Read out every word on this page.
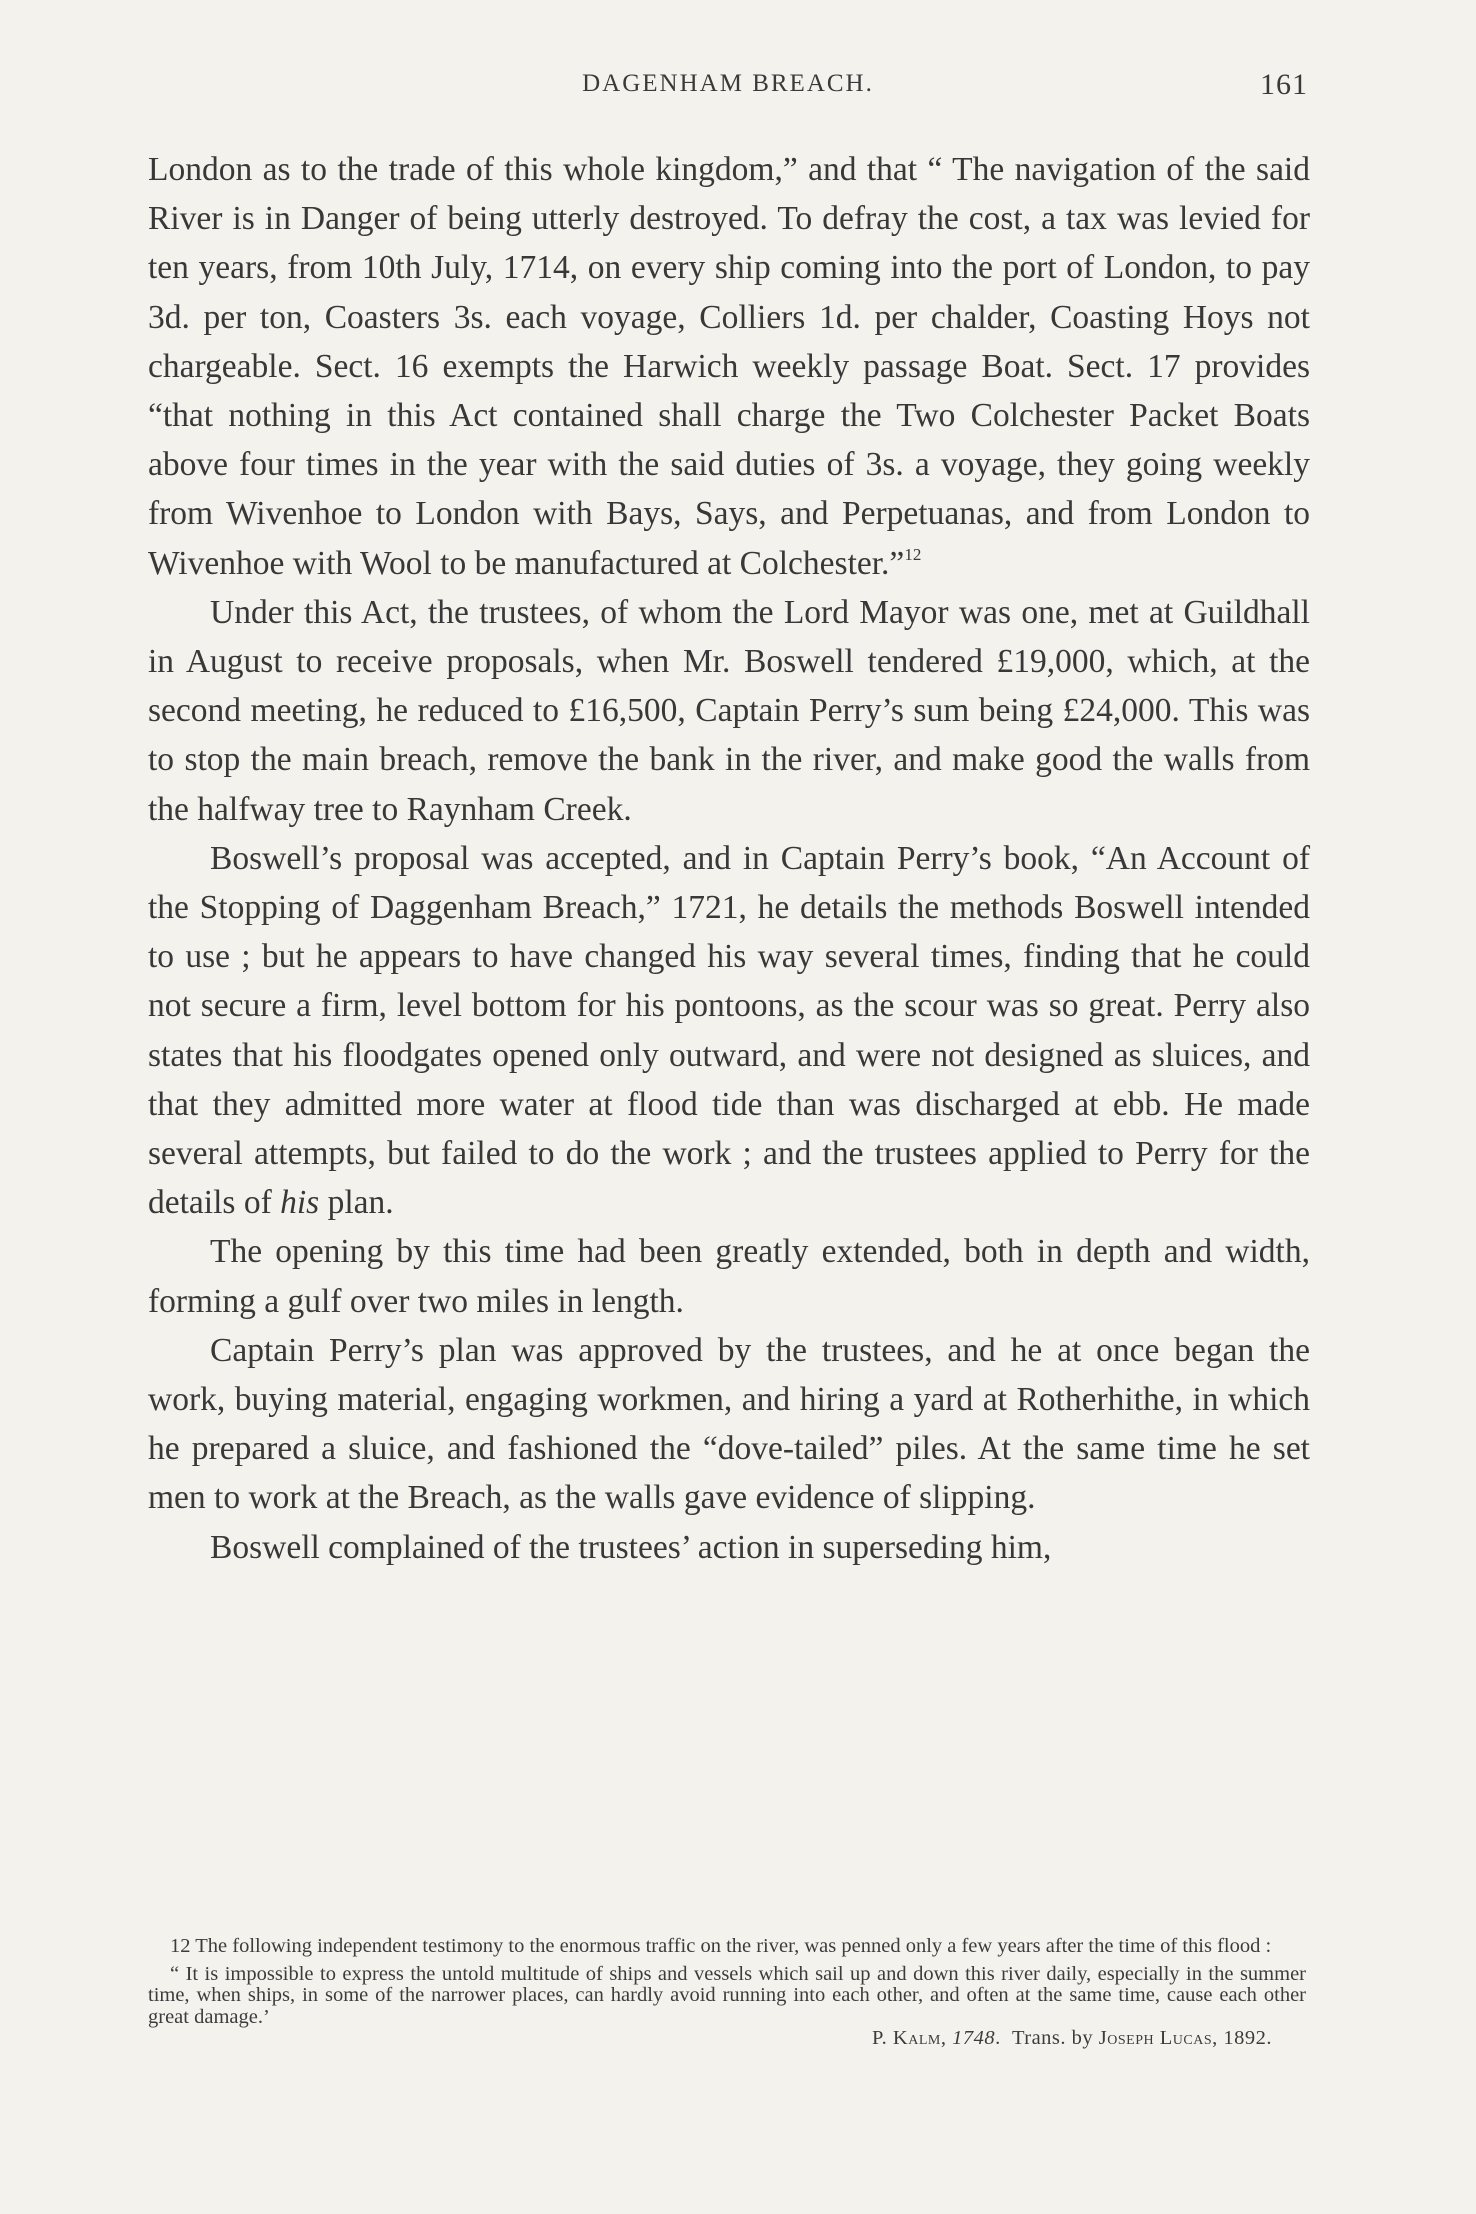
DAGENHAM BREACH.	161

London as to the trade of this whole kingdom,” and that “ The navigation of the said River is in Danger of being utterly destroyed. To defray the cost, a tax was levied for ten years, from 10th July, 1714, on every ship coming into the port of London, to pay 3d. per ton, Coasters 3s. each voyage, Colliers 1d. per chalder, Coasting Hoys not chargeable. Sect. 16 exempts the Harwich weekly passage Boat. Sect. 17 provides “that nothing in this Act contained shall charge the Two Colchester Packet Boats above four times in the year with the said duties of 3s. a voyage, they going weekly from Wivenhoe to London with Bays, Says, and Perpetuanas, and from London to Wivenhoe with Wool to be manufactured at Colchester.”$^{12}$

Under this Act, the trustees, of whom the Lord Mayor was one, met at Guildhall in August to receive proposals, when Mr. Boswell tendered £19,000, which, at the second meeting, he reduced to £16,500, Captain Perry’s sum being £24,000. This was to stop the main breach, remove the bank in the river, and make good the walls from the halfway tree to Raynham Creek.

Boswell’s proposal was accepted, and in Captain Perry’s book, “An Account of the Stopping of Daggenham Breach,” 1721, he details the methods Boswell intended to use ; but he appears to have changed his way several times, finding that he could not secure a firm, level bottom for his pontoons, as the scour was so great. Perry also states that his floodgates opened only outward, and were not designed as sluices, and that they admitted more water at flood tide than was discharged at ebb. He made several attempts, but failed to do the work ; and the trustees applied to Perry for the details of his plan.

The opening by this time had been greatly extended, both in depth and width, forming a gulf over two miles in length.

Captain Perry’s plan was approved by the trustees, and he at once began the work, buying material, engaging workmen, and hiring a yard at Rotherhithe, in which he prepared a sluice, and fashioned the “dove-tailed” piles. At the same time he set men to work at the Breach, as the walls gave evidence of slipping.

Boswell complained of the trustees’ action in superseding him,

12 The following independent testimony to the enormous traffic on the river, was penned only a few years after the time of this flood :

“ It is impossible to express the untold multitude of ships and vessels which sail up and down this river daily, especially in the summer time, when ships, in some of the narrower places, can hardly avoid running into each other, and often at the same time, cause each other great damage.’

P. Kalm, 1748.  Trans. by Joseph Lucas, 1892.
